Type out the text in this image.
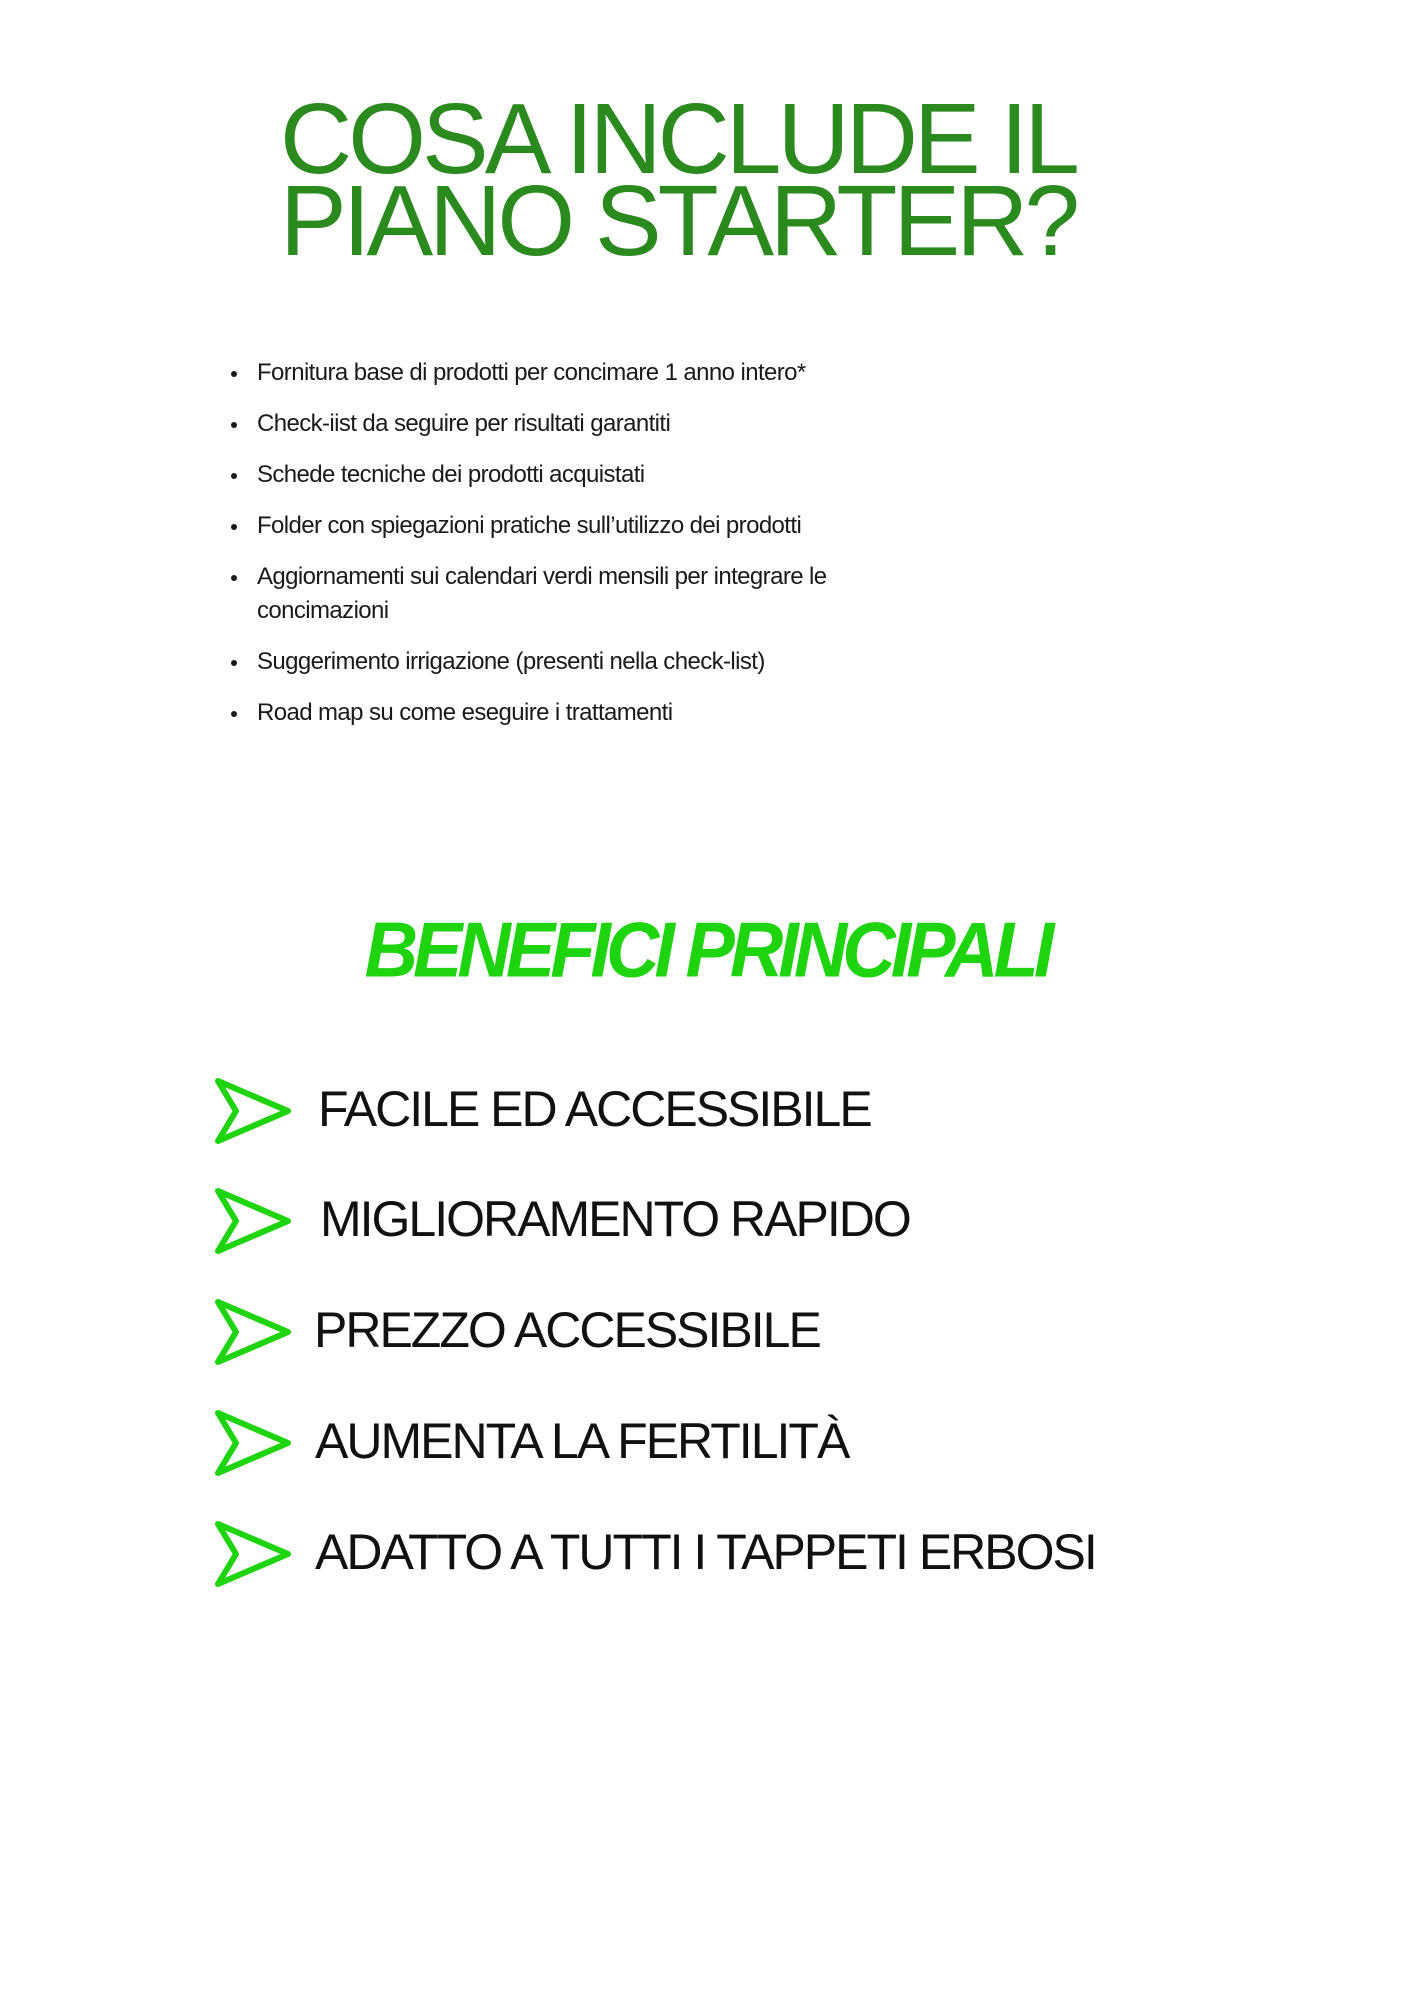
COSA INCLUDE IL
PIANO STARTER?
Fornitura base di prodotti per concimare 1 anno intero*
Check-iist da seguire per risultati garantiti
Schede tecniche dei prodotti acquistati
Folder con spiegazioni pratiche sull’utilizzo dei prodotti
Aggiornamenti sui calendari verdi mensili per integrare le concimazioni
Suggerimento irrigazione (presenti nella check-list)
Road map su come eseguire i trattamenti
BENEFICI PRINCIPALI
FACILE ED ACCESSIBILE
MIGLIORAMENTO RAPIDO
PREZZO ACCESSIBILE
AUMENTA LA FERTILITÀ
ADATTO A TUTTI I TAPPETI ERBOSI
